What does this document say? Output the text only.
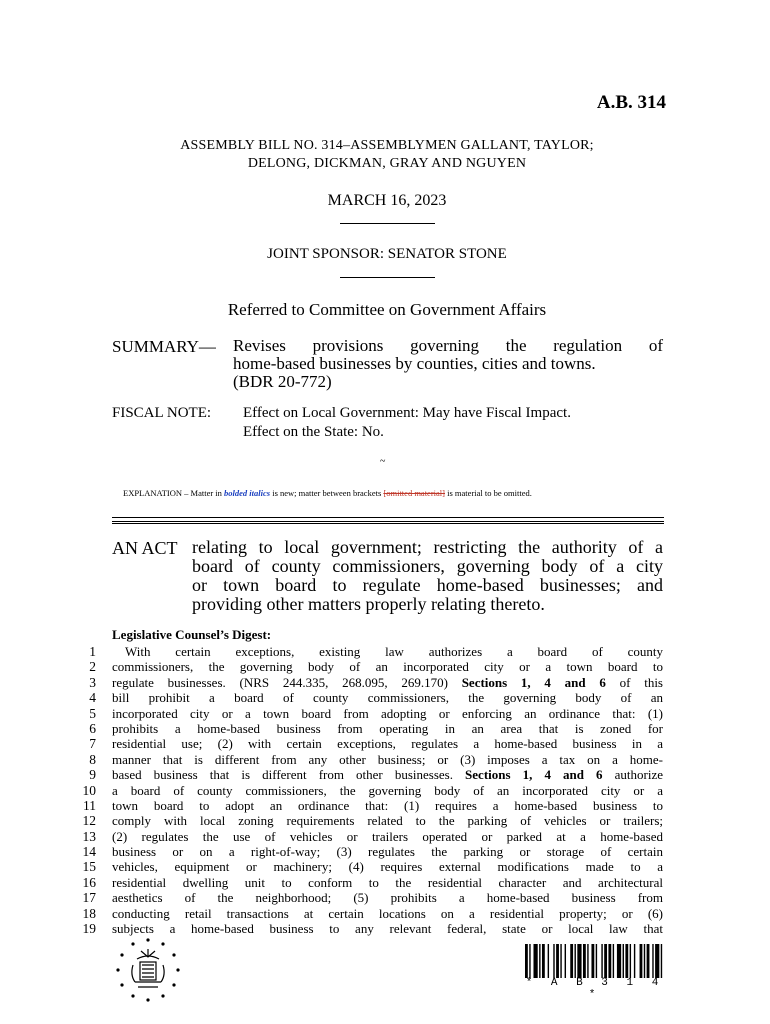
A.B. 314
ASSEMBLY BILL NO. 314–ASSEMBLYMEN GALLANT, TAYLOR;
DELONG, DICKMAN, GRAY AND NGUYEN
MARCH 16, 2023
JOINT SPONSOR: SENATOR STONE
Referred to Committee on Government Affairs
SUMMARY— Revises provisions governing the regulation of
home-based businesses by counties, cities and towns.
(BDR 20-772)
FISCAL NOTE: Effect on Local Government: May have Fiscal Impact.
Effect on the State: No.
~
EXPLANATION – Matter in bolded italics is new; matter between brackets [omitted material] is material to be omitted.
AN ACT relating to local government; restricting the authority of a
board of county commissioners, governing body of a city
or town board to regulate home-based businesses; and
providing other matters properly relating thereto.
Legislative Counsel’s Digest:
1
2
3
4
5
6
7
8
9
10
11
12
13
14
15
16
17
18
19
With certain exceptions, existing law authorizes a board of county
commissioners, the governing body of an incorporated city or a town board to
regulate businesses. (NRS 244.335, 268.095, 269.170) Sections 1, 4 and 6 of this
bill prohibit a board of county commissioners, the governing body of an
incorporated city or a town board from adopting or enforcing an ordinance that: (1)
prohibits a home-based business from operating in an area that is zoned for
residential use; (2) with certain exceptions, regulates a home-based business in a
manner that is different from any other business; or (3) imposes a tax on a home-
based business that is different from other businesses. Sections 1, 4 and 6 authorize
a board of county commissioners, the governing body of an incorporated city or a
town board to adopt an ordinance that: (1) requires a home-based business to
comply with local zoning requirements related to the parking of vehicles or trailers;
(2) regulates the use of vehicles or trailers operated or parked at a home-based
business or on a right-of-way; (3) regulates the parking or storage of certain
vehicles, equipment or machinery; (4) requires external modifications made to a
residential dwelling unit to conform to the residential character and architectural
aesthetics of the neighborhood; (5) prohibits a home-based business from
conducting retail transactions at certain locations on a residential property; or (6)
subjects a home-based business to any relevant federal, state or local law that
* A B 3 1 4 *
